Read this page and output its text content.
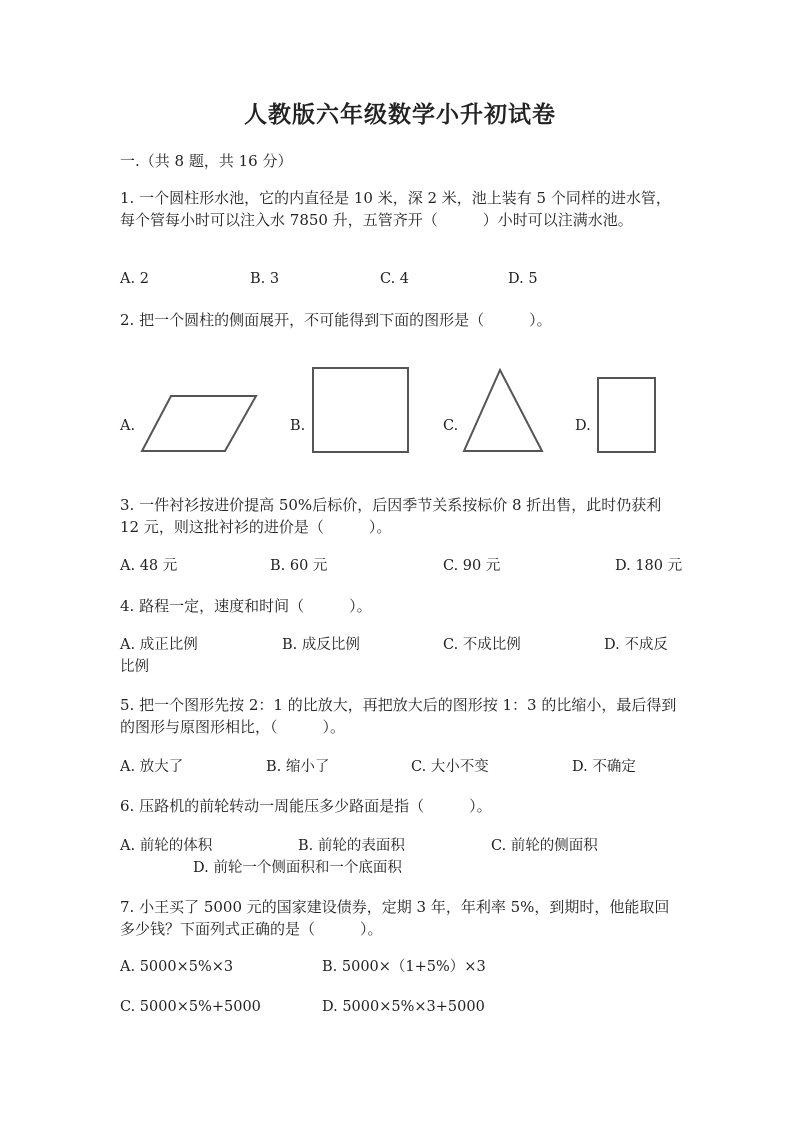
人教版六年级数学小升初试卷
一.（共 8 题，共 16 分）
1. 一个圆柱形水池，它的内直径是 10 米，深 2 米，池上装有 5 个同样的进水管，每个管每小时可以注入水 7850 升，五管齐开（　　　）小时可以注满水池。
A. 2	B. 3	C. 4	D. 5
2. 把一个圆柱的侧面展开，不可能得到下面的图形是（　　　）。
A.	B.	C.	D.
3. 一件衬衫按进价提高 50%后标价，后因季节关系按标价 8 折出售，此时仍获利 12 元，则这批衬衫的进价是（　　　）。
A. 48 元	B. 60 元	C. 90 元	D. 180 元
4. 路程一定，速度和时间（　　　）。
A. 成正比例	B. 成反比例	C. 不成比例	D. 不成反
比例
5. 把一个图形先按 2：1 的比放大，再把放大后的图形按 1：3 的比缩小，最后得到的图形与原图形相比，（　　　）。
A. 放大了	B. 缩小了	C. 大小不变	D. 不确定
6. 压路机的前轮转动一周能压多少路面是指（　　　）。
A. 前轮的体积	B. 前轮的表面积	C. 前轮的侧面积
D. 前轮一个侧面积和一个底面积
7. 小王买了 5000 元的国家建设债券，定期 3 年，年利率 5%，到期时，他能取回多少钱？下面列式正确的是（　　　）。
A. 5000×5%×3	B. 5000×（1+5%）×3
C. 5000×5%+5000	D. 5000×5%×3+5000
